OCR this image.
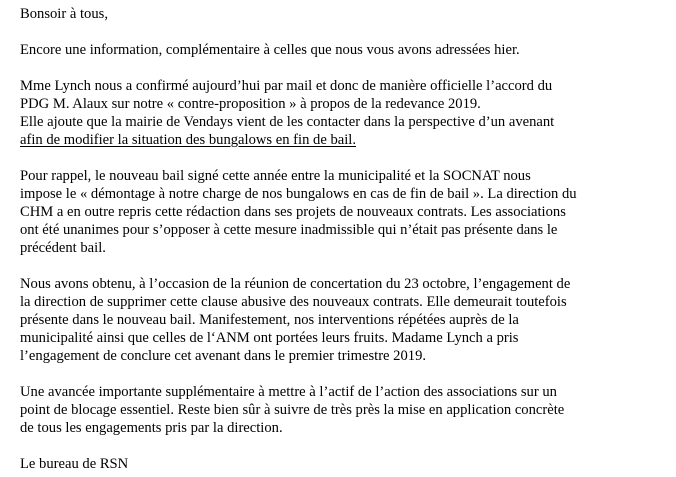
Bonsoir à tous,
Encore une information, complémentaire à celles que nous vous avons adressées hier.
Mme Lynch nous a confirmé aujourd’hui par mail et donc de manière officielle l’accord du
PDG M. Alaux sur notre « contre-proposition » à propos de la redevance 2019.
Elle ajoute que la mairie de Vendays vient de les contacter dans la perspective d’un avenant
afin de modifier la situation des bungalows en fin de bail.
Pour rappel, le nouveau bail signé cette année entre la municipalité et la SOCNAT nous
impose le « démontage à notre charge de nos bungalows en cas de fin de bail ». La direction du
CHM a en outre repris cette rédaction dans ses projets de nouveaux contrats. Les associations
ont été unanimes pour s’opposer à cette mesure inadmissible qui n’était pas présente dans le
précédent bail.
Nous avons obtenu, à l’occasion de la réunion de concertation du 23 octobre, l’engagement de
la direction de supprimer cette clause abusive des nouveaux contrats. Elle demeurait toutefois
présente dans le nouveau bail. Manifestement, nos interventions répétées auprès de la
municipalité ainsi que celles de l‘ANM ont portées leurs fruits. Madame Lynch a pris
l’engagement de conclure cet avenant dans le premier trimestre 2019.
Une avancée importante supplémentaire à mettre à l’actif de l’action des associations sur un
point de blocage essentiel. Reste bien sûr à suivre de très près la mise en application concrète
de tous les engagements pris par la direction.
Le bureau de RSN
